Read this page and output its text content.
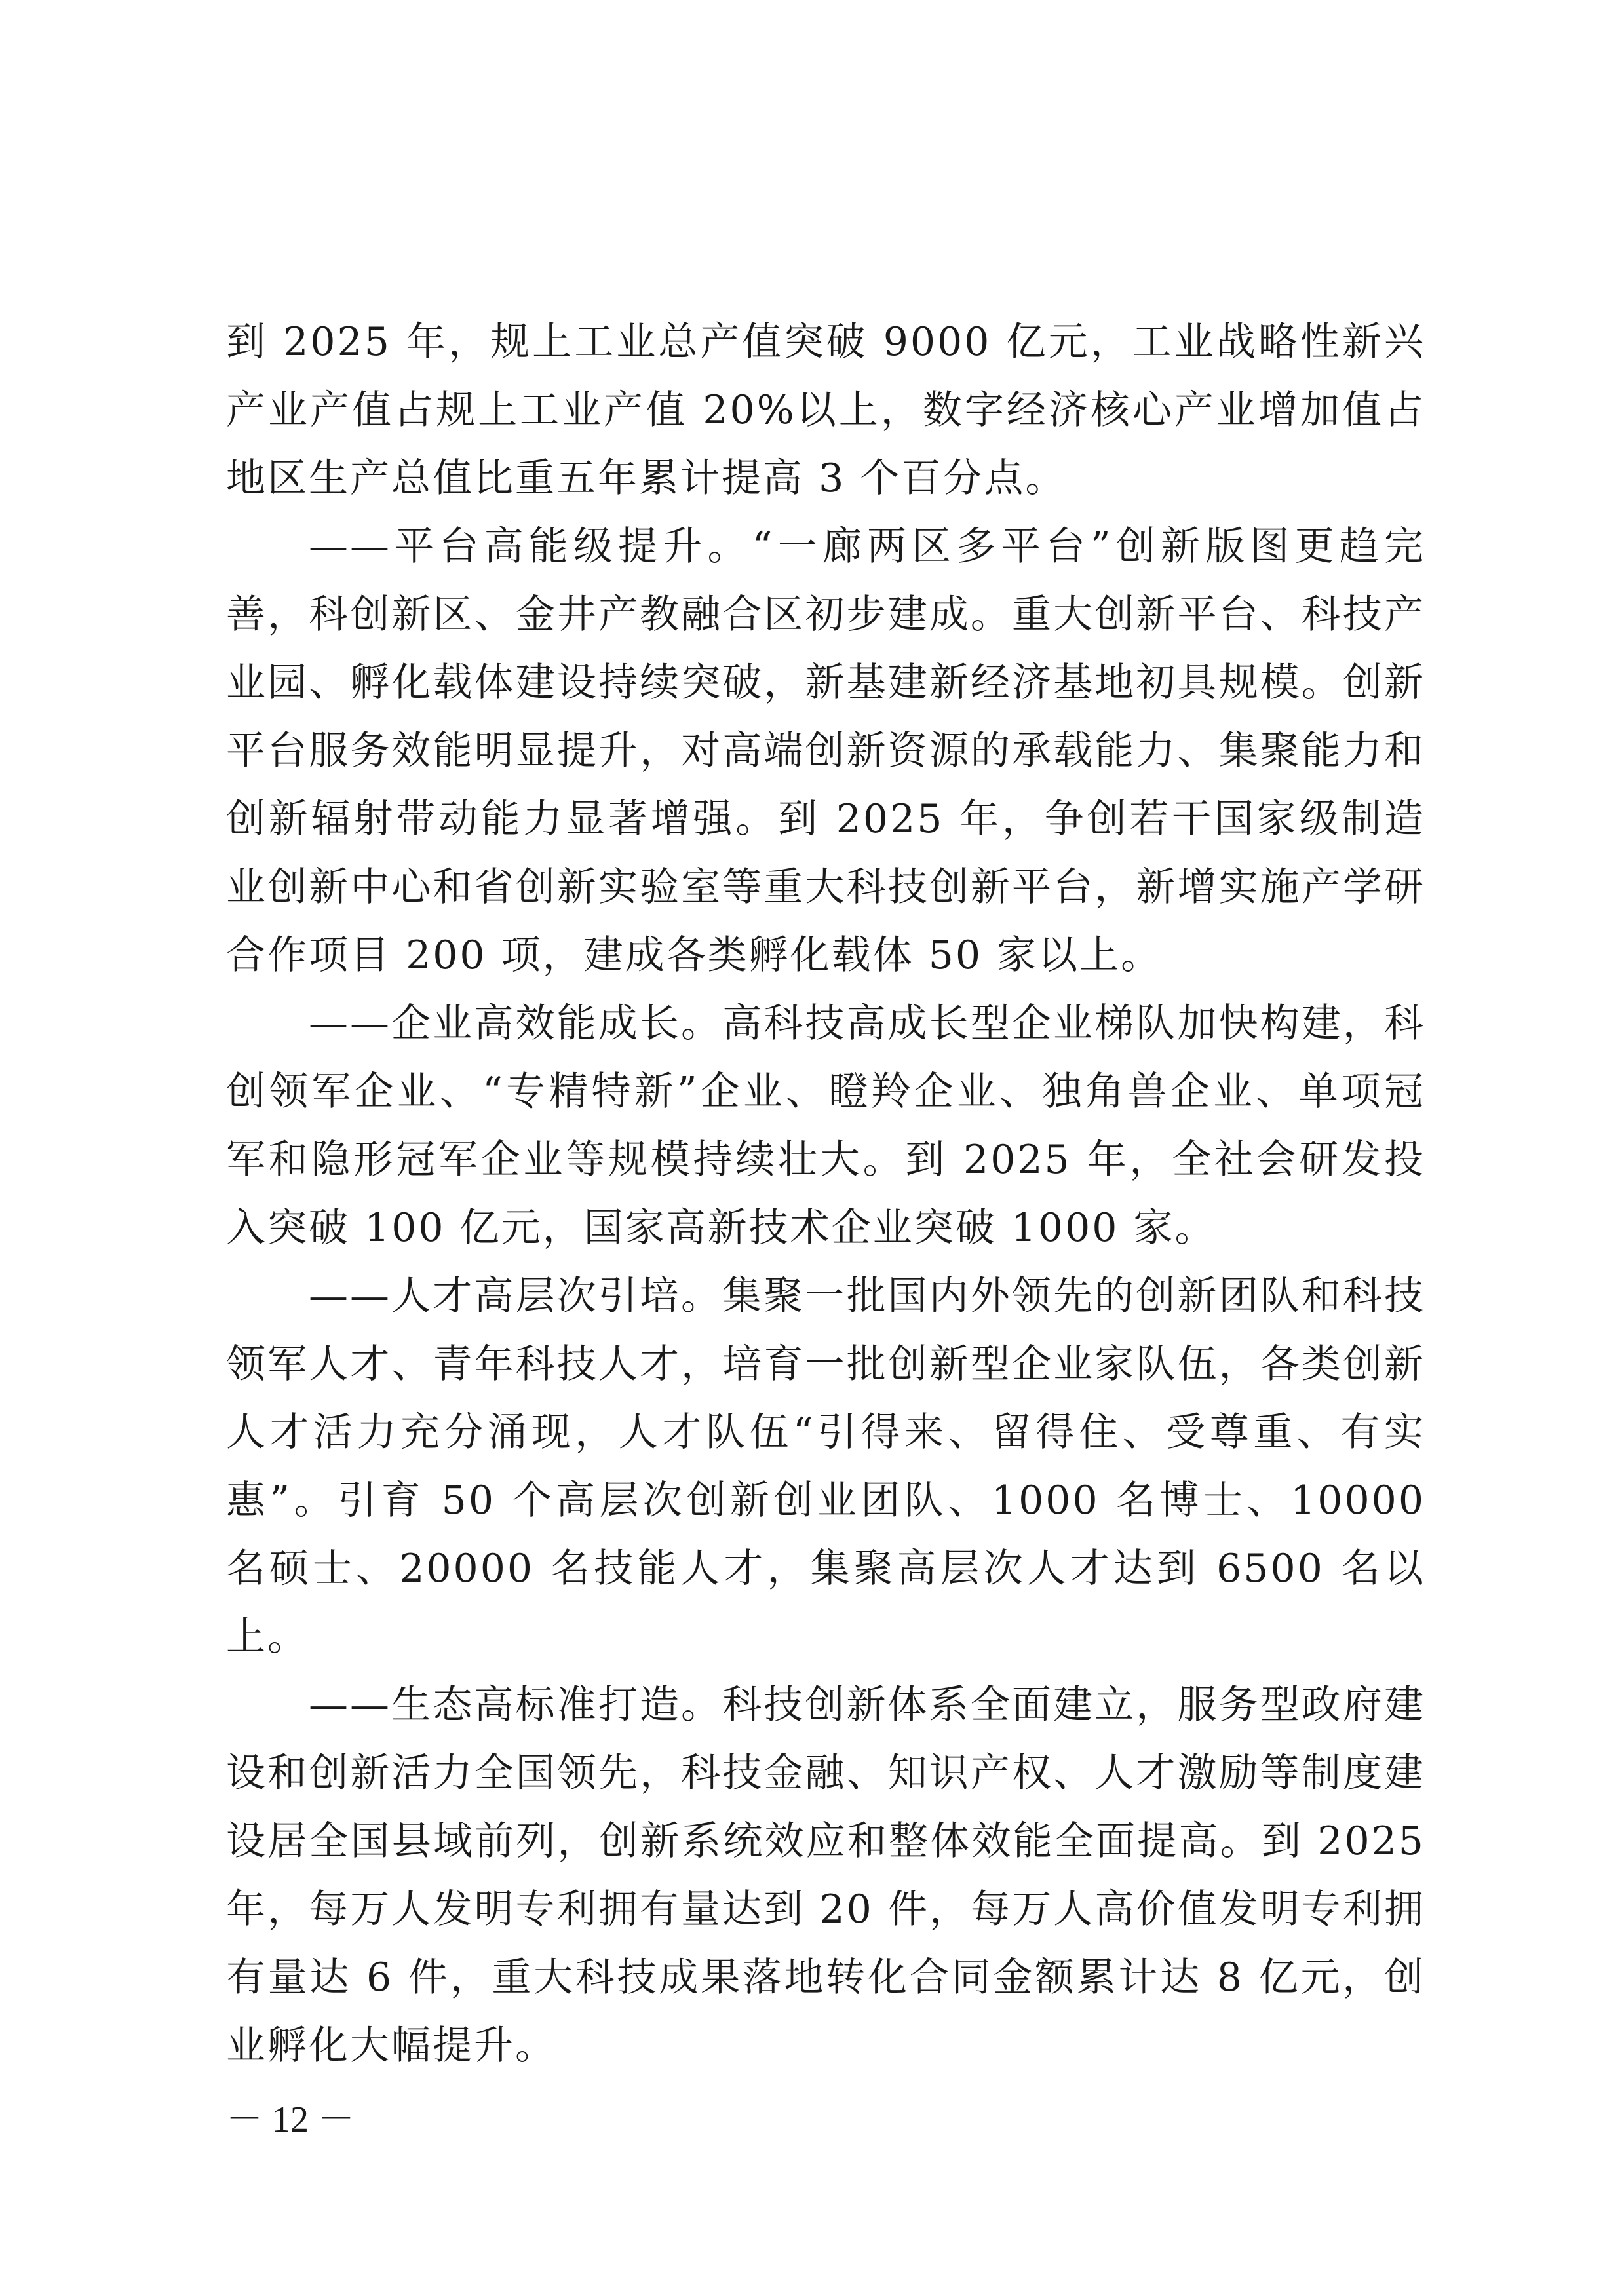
到 2025 年，规上工业总产值突破 9000 亿元，工业战略性新兴产业产值占规上工业产值 20%以上，数字经济核心产业增加值占地区生产总值比重五年累计提高 3 个百分点。

——平台高能级提升。“一廊两区多平台”创新版图更趋完善，科创新区、金井产教融合区初步建成。重大创新平台、科技产业园、孵化载体建设持续突破，新基建新经济基地初具规模。创新平台服务效能明显提升，对高端创新资源的承载能力、集聚能力和创新辐射带动能力显著增强。到 2025 年，争创若干国家级制造业创新中心和省创新实验室等重大科技创新平台，新增实施产学研合作项目 200 项，建成各类孵化载体 50 家以上。

——企业高效能成长。高科技高成长型企业梯队加快构建，科创领军企业、“专精特新”企业、瞪羚企业、独角兽企业、单项冠军和隐形冠军企业等规模持续壮大。到 2025 年，全社会研发投入突破 100 亿元，国家高新技术企业突破 1000 家。

——人才高层次引培。集聚一批国内外领先的创新团队和科技领军人才、青年科技人才，培育一批创新型企业家队伍，各类创新人才活力充分涌现，人才队伍“引得来、留得住、受尊重、有实惠”。引育 50 个高层次创新创业团队、1000 名博士、10000 名硕士、20000 名技能人才，集聚高层次人才达到 6500 名以上。

——生态高标准打造。科技创新体系全面建立，服务型政府建设和创新活力全国领先，科技金融、知识产权、人才激励等制度建设居全国县域前列，创新系统效应和整体效能全面提高。到 2025 年，每万人发明专利拥有量达到 20 件，每万人高价值发明专利拥有量达 6 件，重大科技成果落地转化合同金额累计达 8 亿元，创业孵化大幅提升。

－ 12 －
